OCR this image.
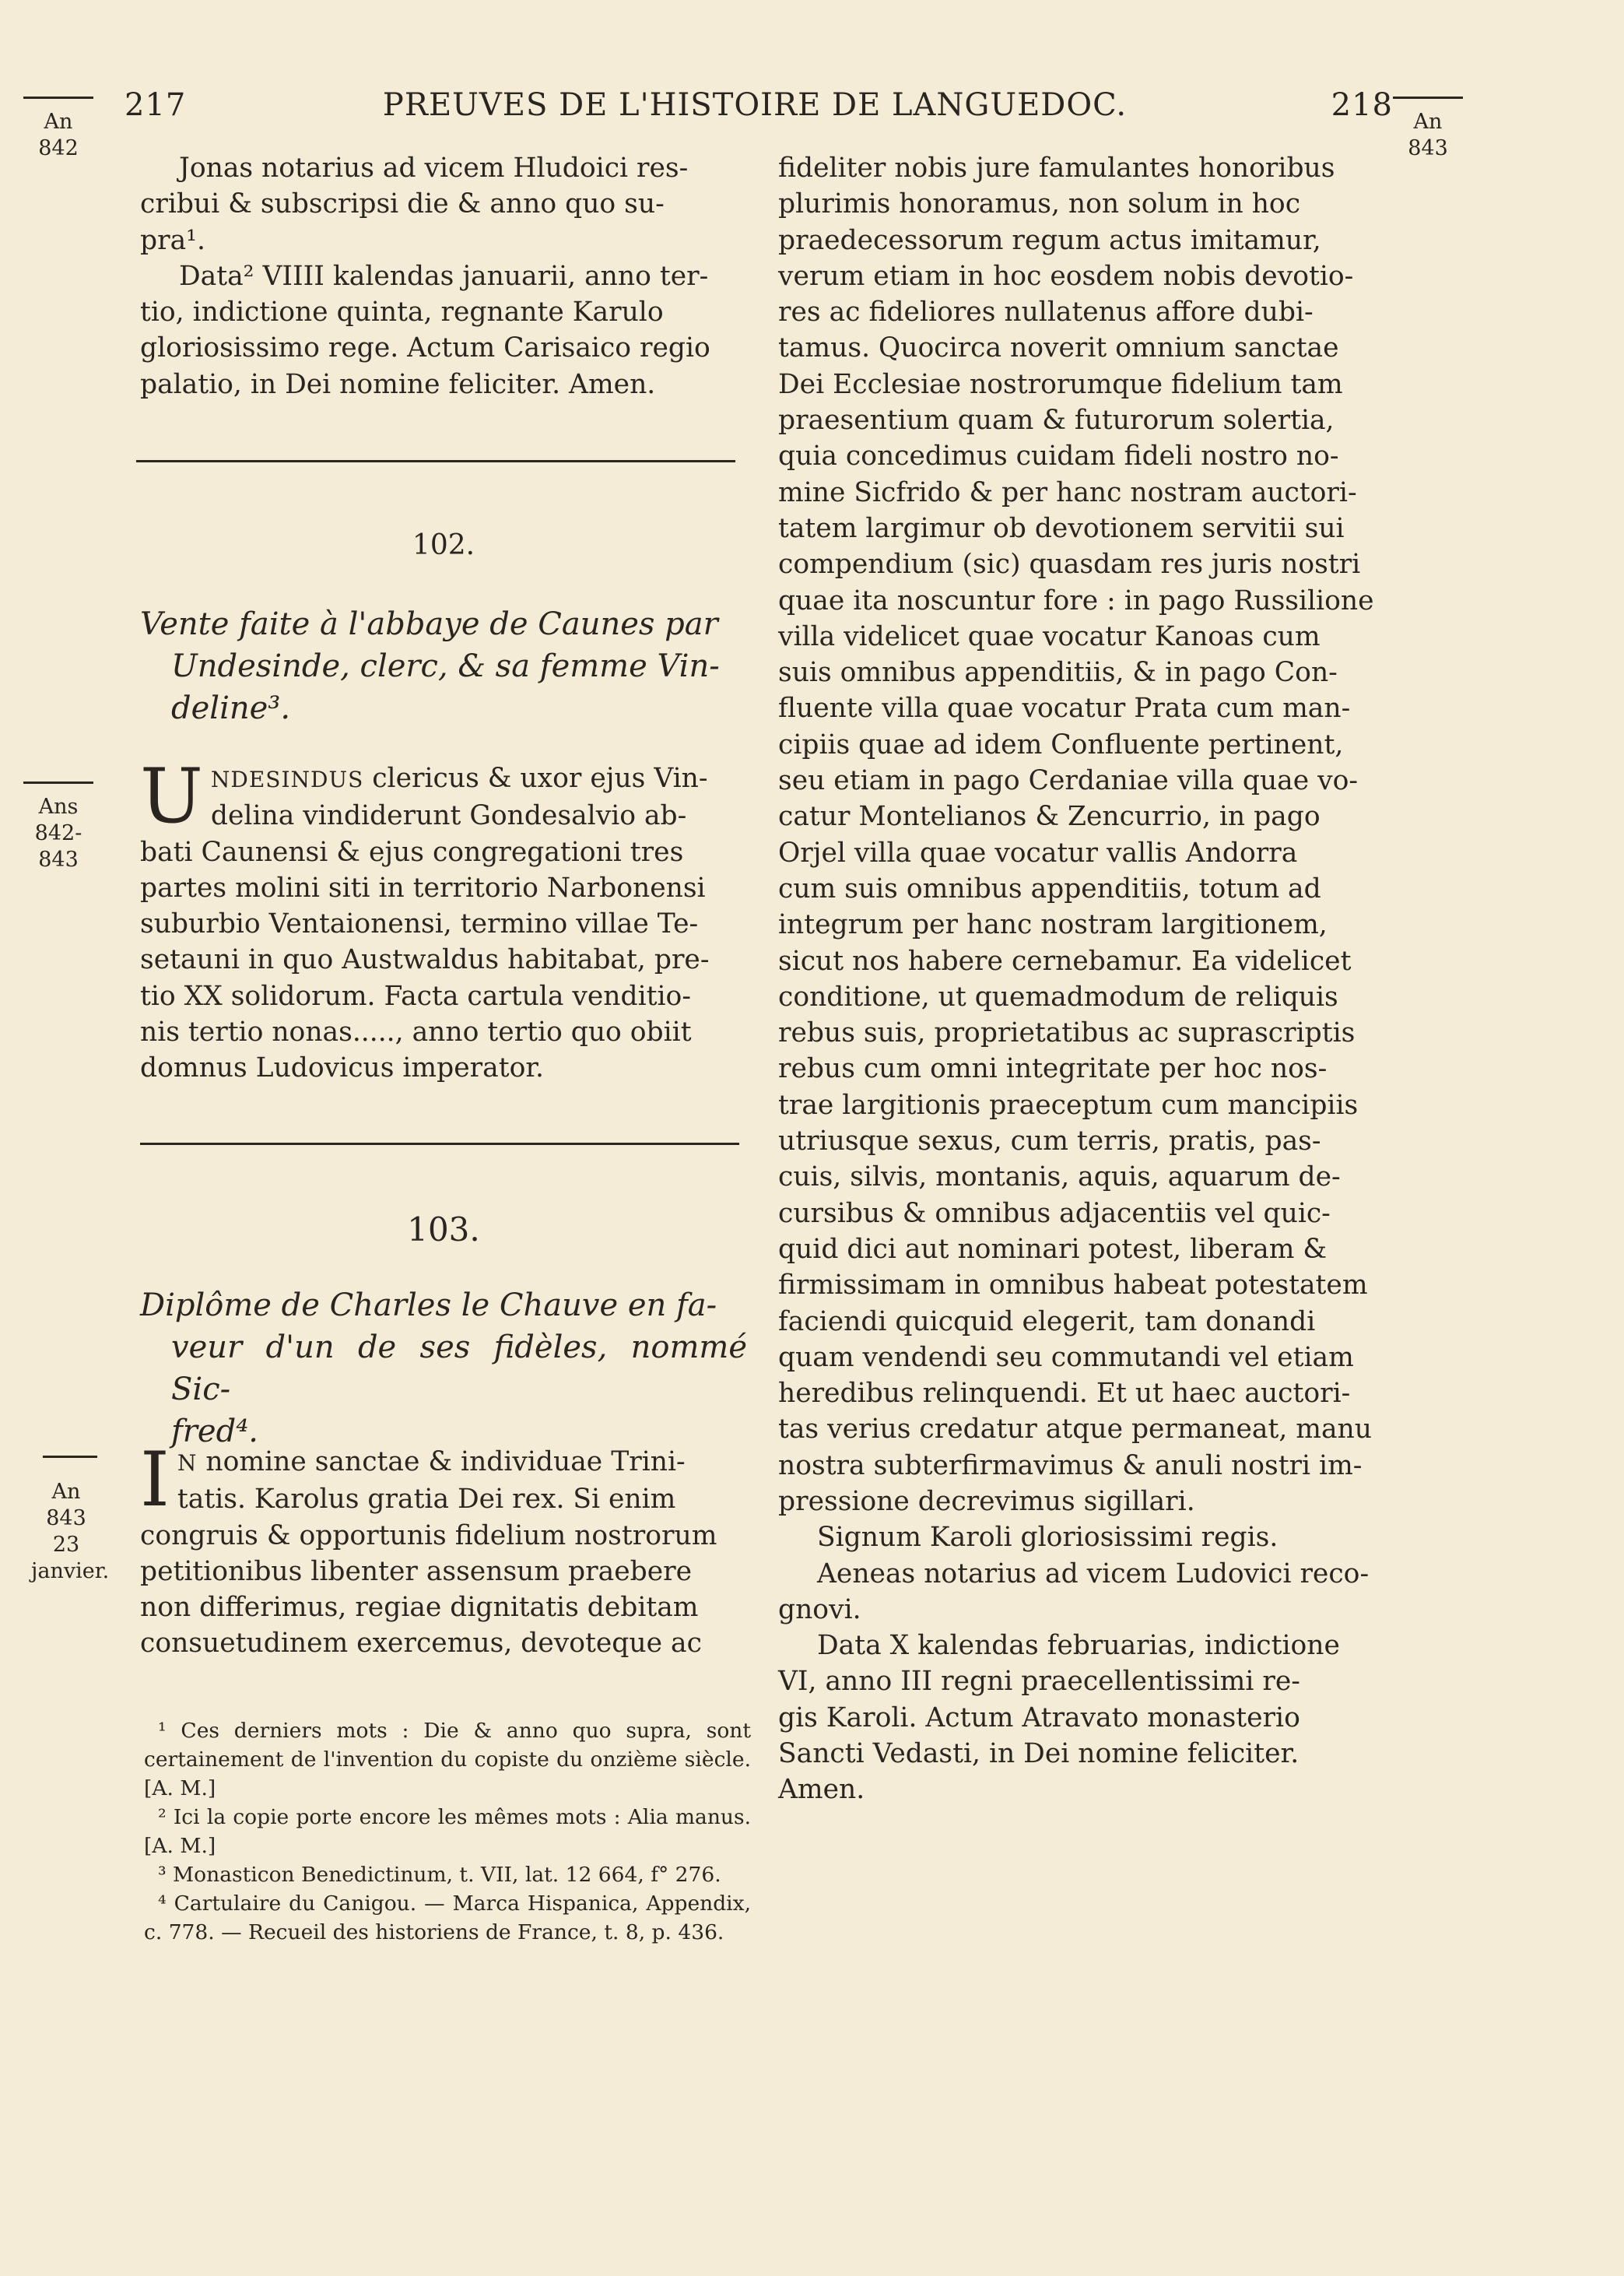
217	PREUVES DE L'HISTOIRE DE LANGUEDOC.	218
An
842
Ans
842-843
An
843
23
janvier.
An
843

Jonas notarius ad vicem Hludoici res-
cribui & subscripsi die & anno quo su-
pra¹.

Data² VIIII kalendas januarii, anno ter-
tio, indictione quinta, regnante Karulo
gloriosissimo rege. Actum Carisaico regio
palatio, in Dei nomine feliciter. Amen.

102.
Vente faite à l'abbaye de Caunes par
Undesinde, clerc, & sa femme Vin-
deline³.
U NDESINDUS clericus & uxor ejus Vin-
delina vindiderunt Gondesalvio ab-
bati Caunensi & ejus congregationi tres
partes molini siti in territorio Narbonensi
suburbio Ventaionensi, termino villae Te-
setauni in quo Austwaldus habitabat, pre-
tio XX solidorum. Facta cartula venditio-
nis tertio nonas....., anno tertio quo obiit
domnus Ludovicus imperator.
103.
Diplôme de Charles le Chauve en fa-
veur d'un de ses fidèles, nommé Sic-
fred⁴.
I N nomine sanctae & individuae Trini-
tatis. Karolus gratia Dei rex. Si enim
congruis & opportunis fidelium nostrorum
petitionibus libenter assensum praebere
non differimus, regiae dignitatis debitam
consuetudinem exercemus, devoteque ac

¹ Ces derniers mots : Die & anno quo supra, sont certainement de l'invention du copiste du onzième siècle. [A. M.]

² Ici la copie porte encore les mêmes mots : Alia manus. [A. M.]

³ Monasticon Benedictinum, t. VII, lat. 12 664, f° 276.

⁴ Cartulaire du Canigou. — Marca Hispanica, Appendix, c. 778. — Recueil des historiens de France, t. 8, p. 436.

fideliter nobis jure famulantes honoribus
plurimis honoramus, non solum in hoc
praedecessorum regum actus imitamur,
verum etiam in hoc eosdem nobis devotio-
res ac fideliores nullatenus affore dubi-
tamus. Quocirca noverit omnium sanctae
Dei Ecclesiae nostrorumque fidelium tam
praesentium quam & futurorum solertia,
quia concedimus cuidam fideli nostro no-
mine Sicfrido & per hanc nostram auctori-
tatem largimur ob devotionem servitii sui
compendium (sic) quasdam res juris nostri
quae ita noscuntur fore : in pago Russilione
villa videlicet quae vocatur Kanoas cum
suis omnibus appenditiis, & in pago Con-
fluente villa quae vocatur Prata cum man-
cipiis quae ad idem Confluente pertinent,
seu etiam in pago Cerdaniae villa quae vo-
catur Montelianos & Zencurrio, in pago
Orjel villa quae vocatur vallis Andorra
cum suis omnibus appenditiis, totum ad
integrum per hanc nostram largitionem,
sicut nos habere cernebamur. Ea videlicet
conditione, ut quemadmodum de reliquis
rebus suis, proprietatibus ac suprascriptis
rebus cum omni integritate per hoc nos-
trae largitionis praeceptum cum mancipiis
utriusque sexus, cum terris, pratis, pas-
cuis, silvis, montanis, aquis, aquarum de-
cursibus & omnibus adjacentiis vel quic-
quid dici aut nominari potest, liberam &
firmissimam in omnibus habeat potestatem
faciendi quicquid elegerit, tam donandi
quam vendendi seu commutandi vel etiam
heredibus relinquendi. Et ut haec auctori-
tas verius credatur atque permaneat, manu
nostra subterfirmavimus & anuli nostri im-
pressione decrevimus sigillari.

Signum Karoli gloriosissimi regis.

Aeneas notarius ad vicem Ludovici reco-
gnovi.

Data X kalendas februarias, indictione
VI, anno III regni praecellentissimi re-
gis Karoli. Actum Atravato monasterio
Sancti Vedasti, in Dei nomine feliciter.
Amen.
